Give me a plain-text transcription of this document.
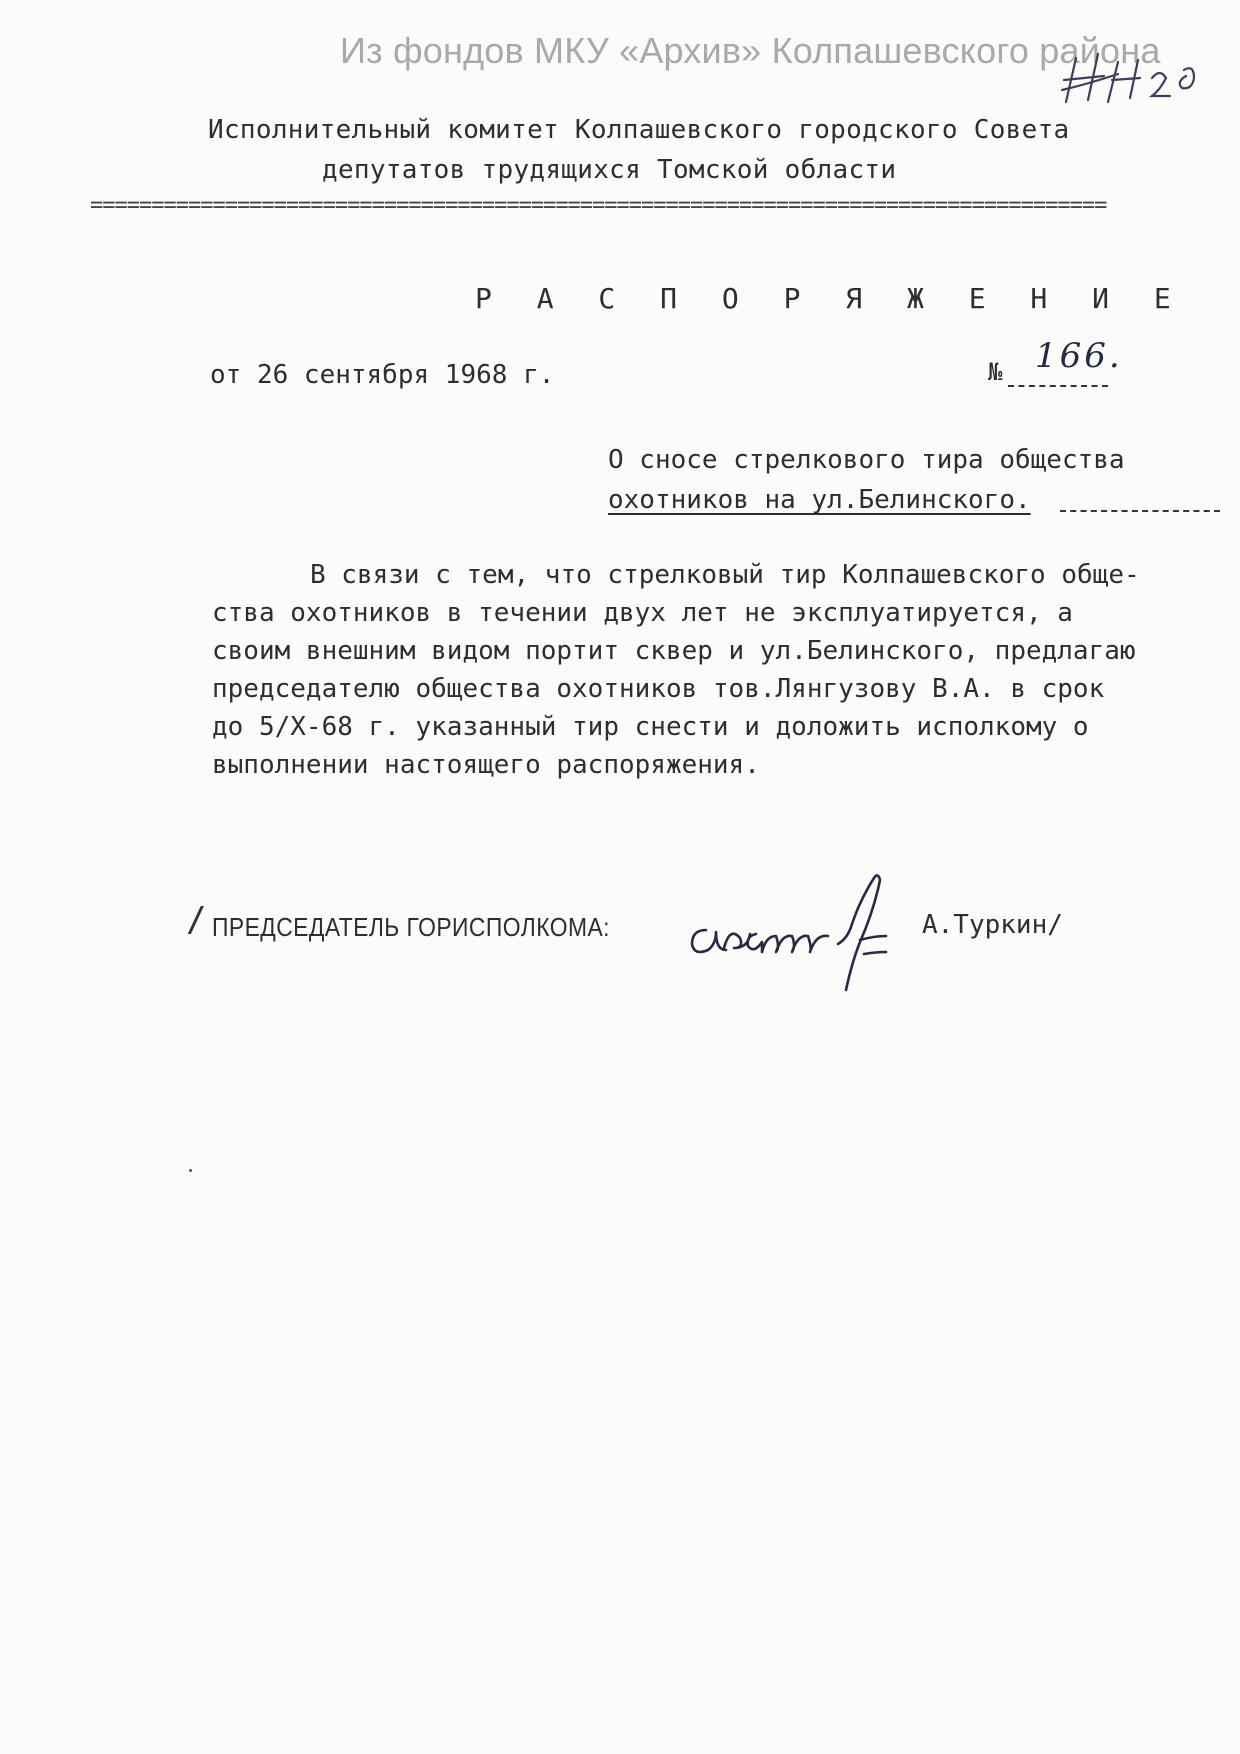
Из фондов МКУ «Архив» Колпашевского района
Исполнительный комитет Колпашевского городского Совета
депутатов трудящихся Томской области
===================================================================================
Р А С П О Р Я Ж Е Н И Е
от 26 сентября 1968 г.	№ 166.
О сносе стрелкового тира общества
охотников на ул.Белинского.
В связи с тем, что стрелковый тир Колпашевского обще-
ства охотников в течении двух лет не эксплуатируется, а
своим внешним видом портит сквер и ул.Белинского, предлагаю
председателю общества охотников тов.Лянгузову В.А. в срок
до 5/Х-68 г. указанный тир снести и доложить исполкому о
выполнении настоящего распоряжения.
/ ПРЕДСЕДАТЕЛЬ ГОРИСПОЛКОМА:	А.Туркин/
